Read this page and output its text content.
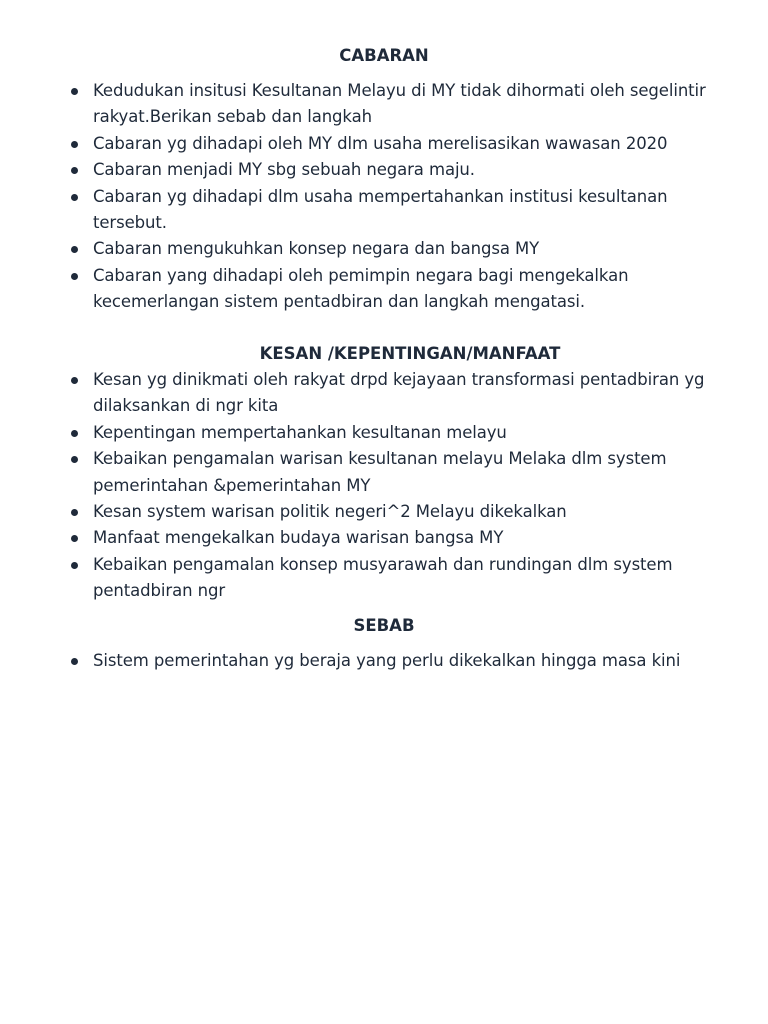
CABARAN
Kedudukan insitusi Kesultanan Melayu di MY tidak dihormati oleh segelintir rakyat.Berikan sebab dan langkah
Cabaran yg dihadapi oleh MY dlm usaha merelisasikan wawasan 2020
Cabaran menjadi MY sbg sebuah negara maju.
Cabaran yg dihadapi dlm usaha mempertahankan institusi kesultanan tersebut.
Cabaran mengukuhkan konsep negara dan bangsa MY
Cabaran yang dihadapi oleh pemimpin negara bagi mengekalkan kecemerlangan sistem pentadbiran dan langkah mengatasi.
KESAN /KEPENTINGAN/MANFAAT
Kesan yg dinikmati oleh rakyat drpd kejayaan transformasi pentadbiran yg dilaksankan di ngr kita
Kepentingan mempertahankan kesultanan melayu
Kebaikan pengamalan warisan kesultanan melayu Melaka dlm system pemerintahan &pemerintahan MY
Kesan system warisan politik negeri^2 Melayu dikekalkan
Manfaat mengekalkan budaya warisan bangsa MY
Kebaikan pengamalan konsep musyarawah dan rundingan dlm system pentadbiran ngr
SEBAB
Sistem pemerintahan yg beraja yang perlu dikekalkan hingga masa kini
